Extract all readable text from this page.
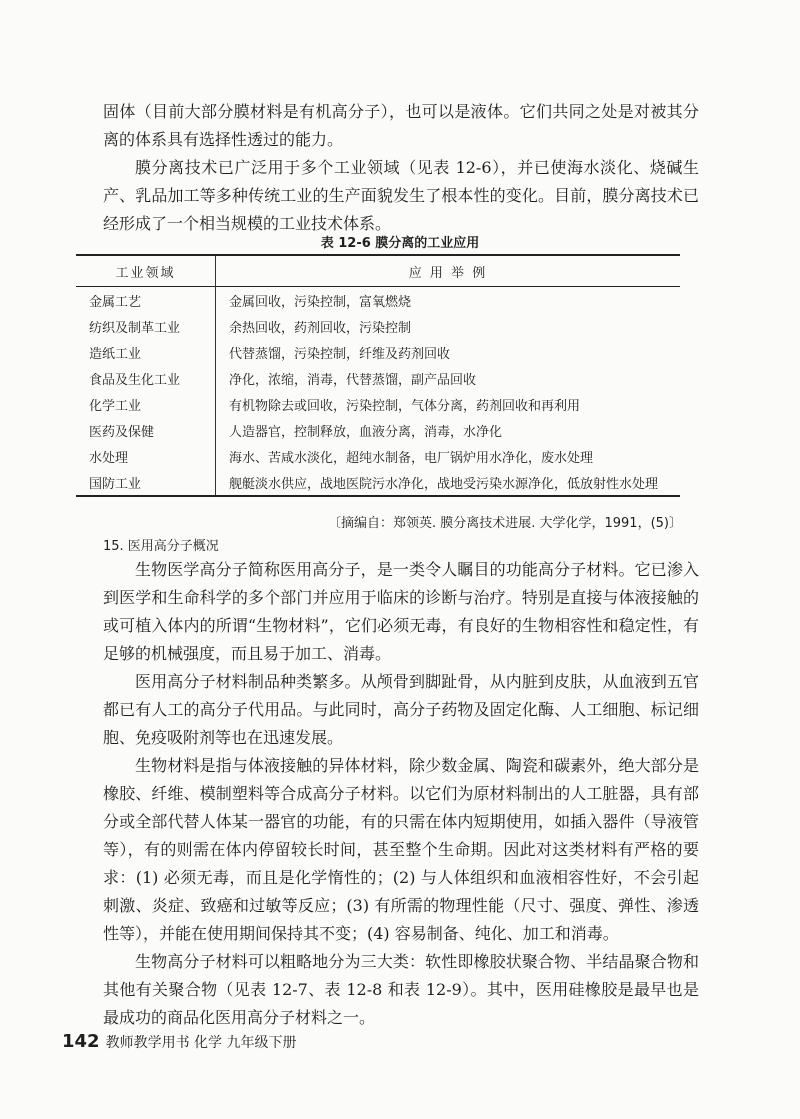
固体（目前大部分膜材料是有机高分子），也可以是液体。它们共同之处是对被其分离的体系具有选择性透过的能力。

膜分离技术已广泛用于多个工业领域（见表 12-6），并已使海水淡化、烧碱生产、乳品加工等多种传统工业的生产面貌发生了根本性的变化。目前，膜分离技术已经形成了一个相当规模的工业技术体系。

表 12-6 膜分离的工业应用

工业领域	应 用 举 例
金属工艺	金属回收，污染控制，富氧燃烧
纺织及制革工业	余热回收，药剂回收，污染控制
造纸工业	代替蒸馏，污染控制，纤维及药剂回收
食品及生化工业	净化，浓缩，消毒，代替蒸馏，副产品回收
化学工业	有机物除去或回收，污染控制，气体分离，药剂回收和再利用
医药及保健	人造器官，控制释放，血液分离，消毒，水净化
水处理	海水、苦咸水淡化，超纯水制备，电厂锅炉用水净化，废水处理
国防工业	舰艇淡水供应，战地医院污水净化，战地受污染水源净化，低放射性水处理

〔摘编自：郑领英. 膜分离技术进展. 大学化学，1991，(5)〕

15. 医用高分子概况

生物医学高分子简称医用高分子，是一类令人瞩目的功能高分子材料。它已渗入到医学和生命科学的多个部门并应用于临床的诊断与治疗。特别是直接与体液接触的或可植入体内的所谓“生物材料”，它们必须无毒，有良好的生物相容性和稳定性，有足够的机械强度，而且易于加工、消毒。

医用高分子材料制品种类繁多。从颅骨到脚趾骨，从内脏到皮肤，从血液到五官都已有人工的高分子代用品。与此同时，高分子药物及固定化酶、人工细胞、标记细胞、免疫吸附剂等也在迅速发展。

生物材料是指与体液接触的异体材料，除少数金属、陶瓷和碳素外，绝大部分是橡胶、纤维、模制塑料等合成高分子材料。以它们为原材料制出的人工脏器，具有部分或全部代替人体某一器官的功能，有的只需在体内短期使用，如插入器件（导液管等），有的则需在体内停留较长时间，甚至整个生命期。因此对这类材料有严格的要求：(1) 必须无毒，而且是化学惰性的；(2) 与人体组织和血液相容性好，不会引起刺激、炎症、致癌和过敏等反应；(3) 有所需的物理性能（尺寸、强度、弹性、渗透性等），并能在使用期间保持其不变；(4) 容易制备、纯化、加工和消毒。

生物高分子材料可以粗略地分为三大类：软性即橡胶状聚合物、半结晶聚合物和其他有关聚合物（见表 12-7、表 12-8 和表 12-9）。其中，医用硅橡胶是最早也是最成功的商品化医用高分子材料之一。

142 教师教学用书 化学 九年级下册
